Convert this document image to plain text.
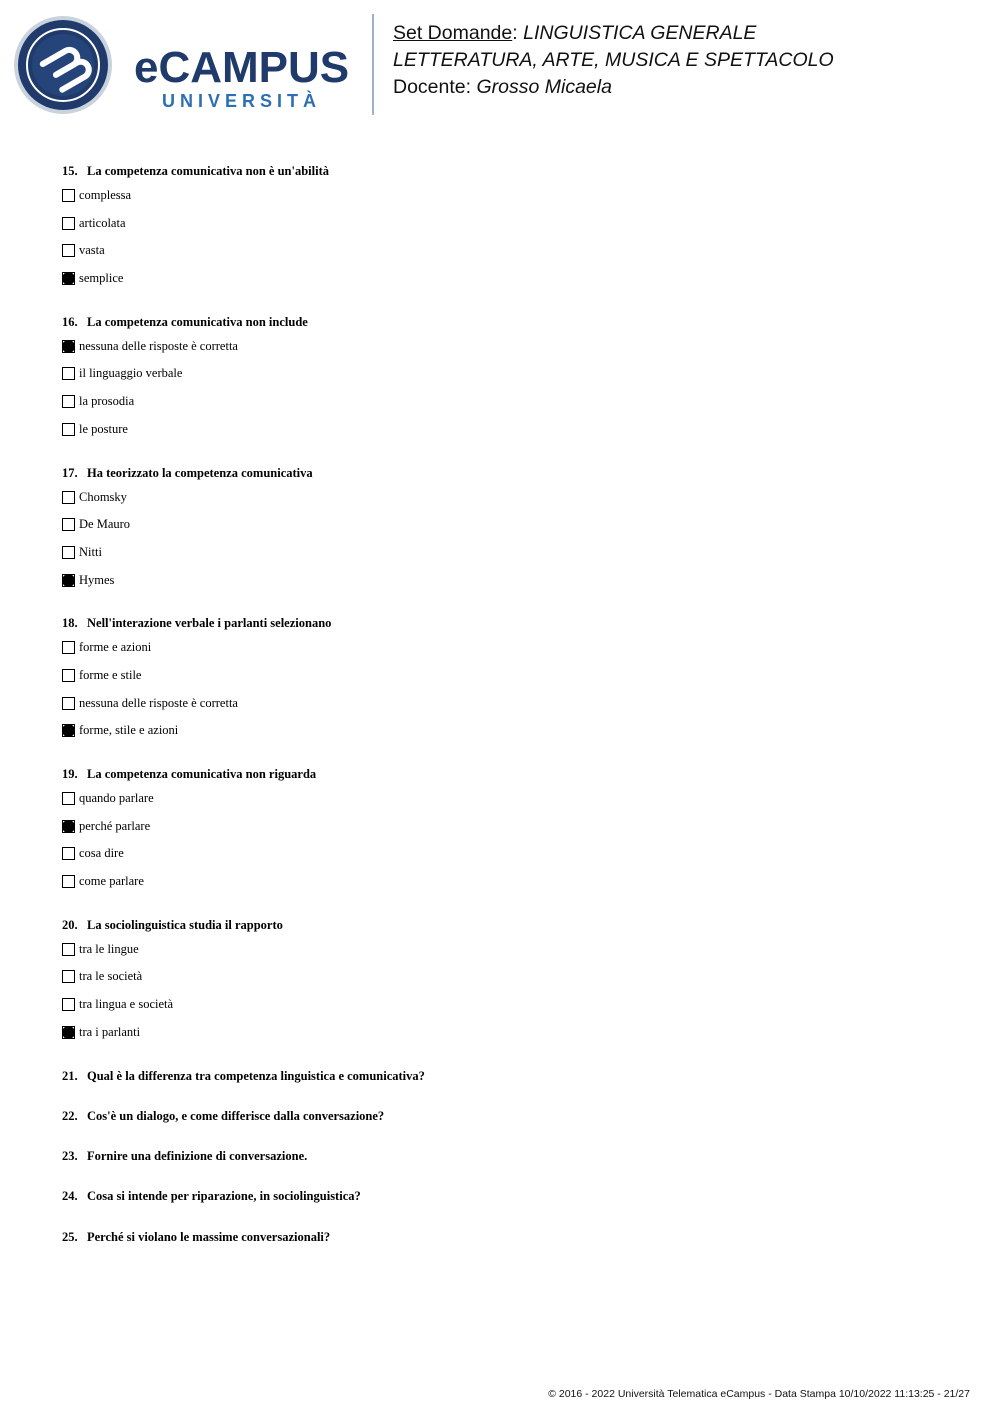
eCAMPUS
UNIVERSITÀ
Set Domande: LINGUISTICA GENERALE
LETTERATURA, ARTE, MUSICA E SPETTACOLO
Docente: Grosso Micaela
15. La competenza comunicativa non è un'abilità
complessa
articolata
vasta
semplice
16. La competenza comunicativa non include
nessuna delle risposte è corretta
il linguaggio verbale
la prosodia
le posture
17. Ha teorizzato la competenza comunicativa
Chomsky
De Mauro
Nitti
Hymes
18. Nell'interazione verbale i parlanti selezionano
forme e azioni
forme e stile
nessuna delle risposte è corretta
forme, stile e azioni
19. La competenza comunicativa non riguarda
quando parlare
perché parlare
cosa dire
come parlare
20. La sociolinguistica studia il rapporto
tra le lingue
tra le società
tra lingua e società
tra i parlanti
21. Qual è la differenza tra competenza linguistica e comunicativa?
22. Cos'è un dialogo, e come differisce dalla conversazione?
23. Fornire una definizione di conversazione.
24. Cosa si intende per riparazione, in sociolinguistica?
25. Perché si violano le massime conversazionali?
© 2016 - 2022 Università Telematica eCampus - Data Stampa 10/10/2022 11:13:25 - 21/27
